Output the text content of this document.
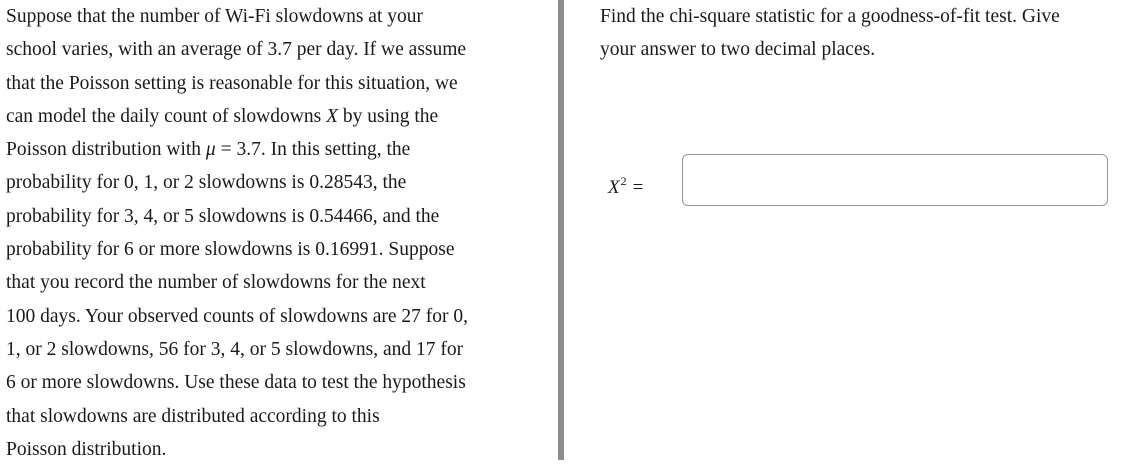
Suppose that the number of Wi-Fi slowdowns at your
school varies, with an average of 3.7 per day. If we assume
that the Poisson setting is reasonable for this situation, we
can model the daily count of slowdowns X by using the
Poisson distribution with μ = 3.7. In this setting, the
probability for 0, 1, or 2 slowdowns is 0.28543, the
probability for 3, 4, or 5 slowdowns is 0.54466, and the
probability for 6 or more slowdowns is 0.16991. Suppose
that you record the number of slowdowns for the next
100 days. Your observed counts of slowdowns are 27 for 0,
1, or 2 slowdowns, 56 for 3, 4, or 5 slowdowns, and 17 for
6 or more slowdowns. Use these data to test the hypothesis
that slowdowns are distributed according to this
Poisson distribution.

Find the chi-square statistic for a goodness-of-fit test. Give
your answer to two decimal places.

$X^2$ =
